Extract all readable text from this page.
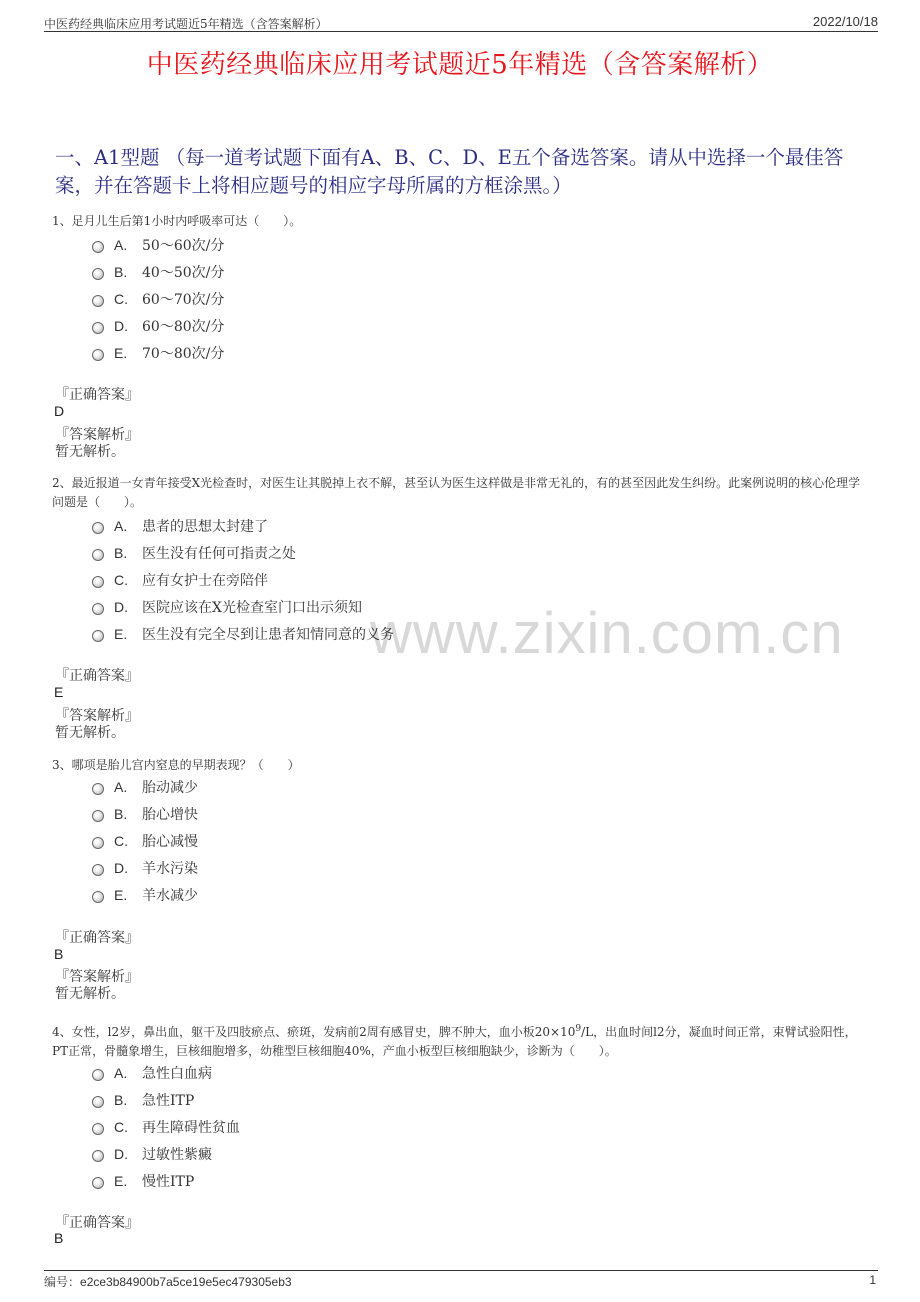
中医药经典临床应用考试题近5年精选（含答案解析）	2022/10/18
中医药经典临床应用考试题近5年精选（含答案解析）
一、A1型题 （每一道考试题下面有A、B、C、D、E五个备选答案。请从中选择一个最佳答案，并在答题卡上将相应题号的相应字母所属的方框涂黑。）
www.zixin.com.cn
1、足月儿生后第1小时内呼吸率可达（　　）。
A. 50～60次/分
B. 40～50次/分
C. 60～70次/分
D. 60～80次/分
E. 70～80次/分
『正确答案』
D
『答案解析』
暂无解析。
2、最近报道一女青年接受X光检查时，对医生让其脱掉上衣不解，甚至认为医生这样做是非常无礼的，有的甚至因此发生纠纷。此案例说明的核心伦理学问题是（　　）。
A. 患者的思想太封建了
B. 医生没有任何可指责之处
C. 应有女护士在旁陪伴
D. 医院应该在X光检查室门口出示须知
E. 医生没有完全尽到让患者知情同意的义务
『正确答案』
E
『答案解析』
暂无解析。
3、哪项是胎儿宫内窒息的早期表现？（　　）
A. 胎动减少
B. 胎心增快
C. 胎心减慢
D. 羊水污染
E. 羊水减少
『正确答案』
B
『答案解析』
暂无解析。
4、女性，l2岁，鼻出血，躯干及四肢瘀点、瘀斑，发病前2周有感冒史，脾不肿大，血小板$20\times 10^9/L$，出血时间l2分，凝血时间正常，束臂试验阳性，PT正常，骨髓象增生，巨核细胞增多，幼稚型巨核细胞40%，产血小板型巨核细胞缺少，诊断为（　　）。
A. 急性白血病
B. 急性ITP
C. 再生障碍性贫血
D. 过敏性紫癜
E. 慢性ITP
『正确答案』
B
编号：e2ce3b84900b7a5ce19e5ec479305eb3	1
